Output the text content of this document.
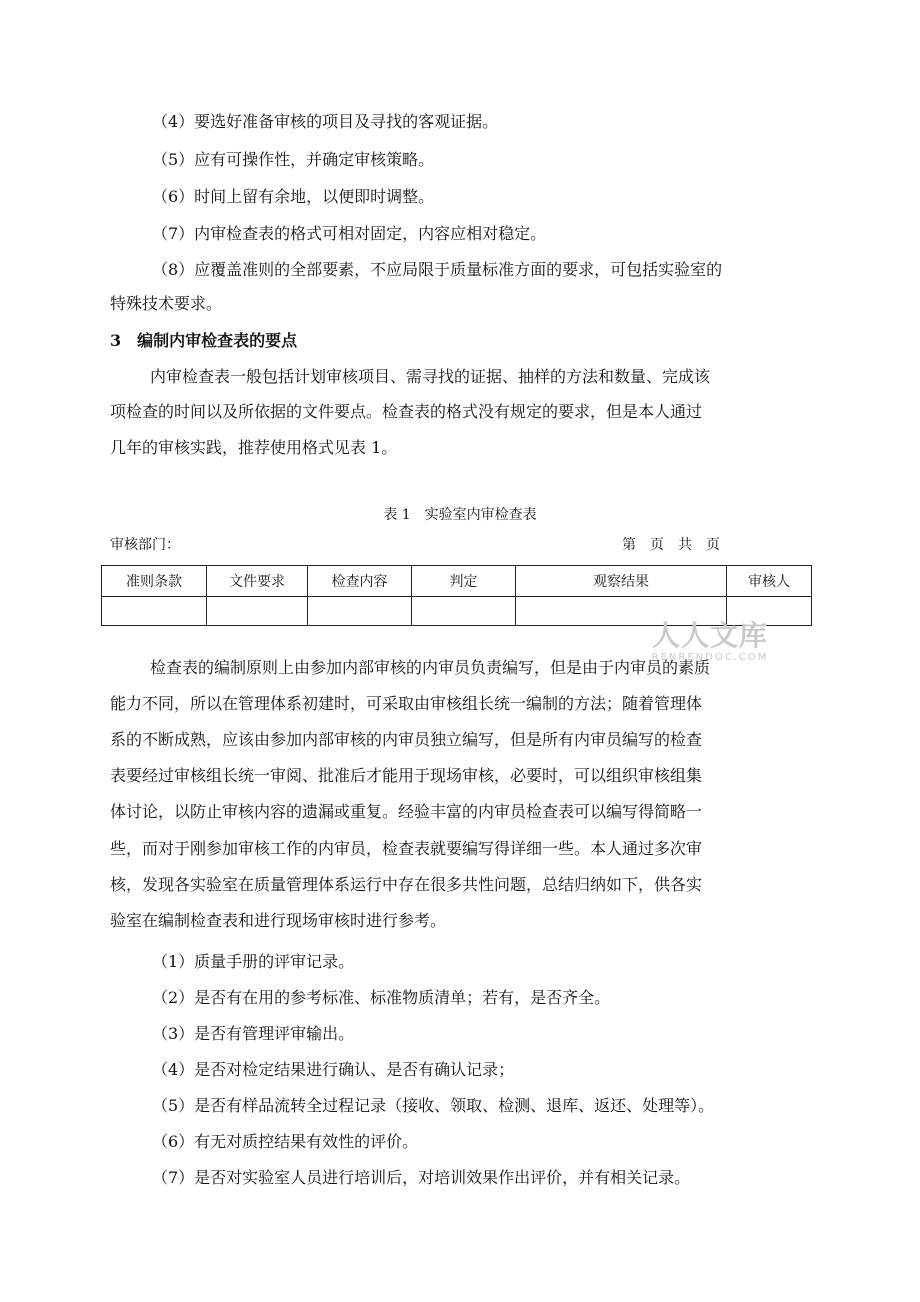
（4）要选好准备审核的项目及寻找的客观证据。
（5）应有可操作性，并确定审核策略。
（6）时间上留有余地，以便即时调整。
（7）内审检查表的格式可相对固定，内容应相对稳定。
（8）应覆盖准则的全部要素，不应局限于质量标准方面的要求，可包括实验室的
特殊技术要求。
3　编制内审检查表的要点
内审检查表一般包括计划审核项目、需寻找的证据、抽样的方法和数量、完成该
项检查的时间以及所依据的文件要点。检查表的格式没有规定的要求，但是本人通过
几年的审核实践，推荐使用格式见表 1。
表 1　实验室内审检查表
审核部门：	第　页　共　页
准则条款	文件要求	检查内容	判定	观察结果	审核人

人人文库
RENRENDOC.COM
检查表的编制原则上由参加内部审核的内审员负责编写，但是由于内审员的素质
能力不同，所以在管理体系初建时，可采取由审核组长统一编制的方法；随着管理体
系的不断成熟，应该由参加内部审核的内审员独立编写，但是所有内审员编写的检查
表要经过审核组长统一审阅、批准后才能用于现场审核，必要时，可以组织审核组集
体讨论，以防止审核内容的遗漏或重复。经验丰富的内审员检查表可以编写得简略一
些，而对于刚参加审核工作的内审员，检查表就要编写得详细一些。本人通过多次审
核，发现各实验室在质量管理体系运行中存在很多共性问题，总结归纳如下，供各实
验室在编制检查表和进行现场审核时进行参考。
（1）质量手册的评审记录。
（2）是否有在用的参考标准、标准物质清单；若有，是否齐全。
（3）是否有管理评审输出。
（4）是否对检定结果进行确认、是否有确认记录；
（5）是否有样品流转全过程记录（接收、领取、检测、退库、返还、处理等）。
（6）有无对质控结果有效性的评价。
（7）是否对实验室人员进行培训后，对培训效果作出评价，并有相关记录。
